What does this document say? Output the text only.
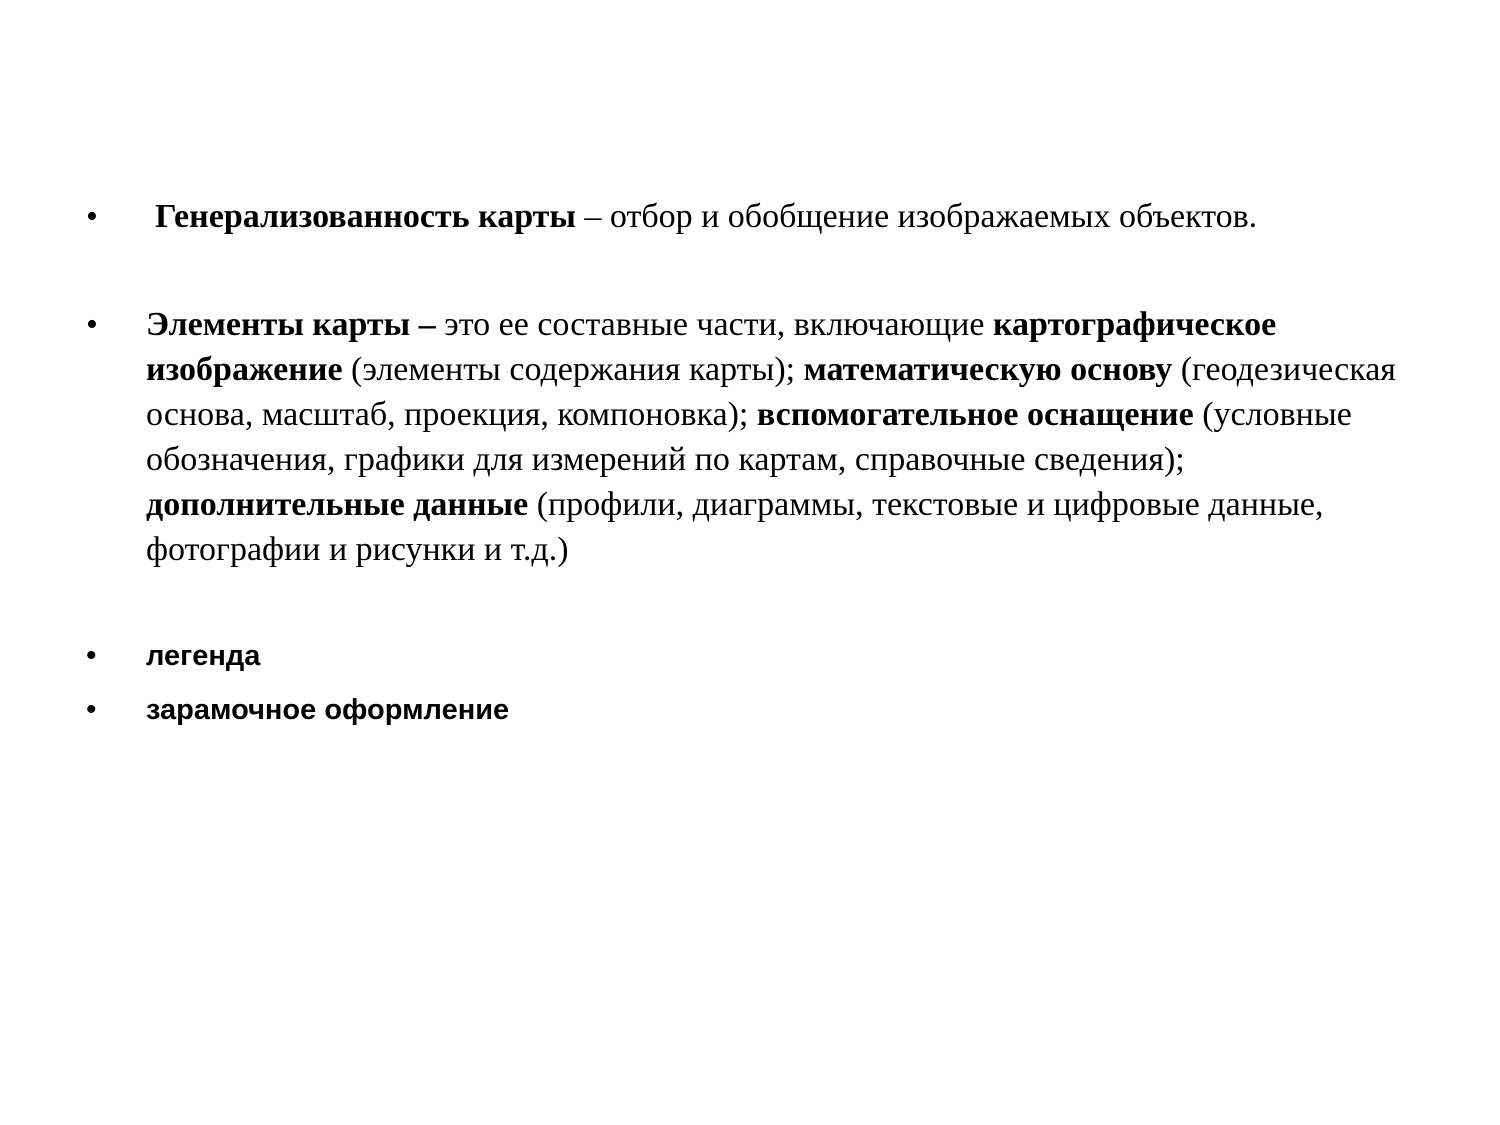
•	Генерализованность карты – отбор и обобщение изображаемых объектов.
•	Элементы карты – это ее составные части, включающие картографическое изображение (элементы содержания карты); математическую основу (геодезическая основа, масштаб, проекция, компоновка); вспомогательное оснащение (условные обозначения, графики для измерений по картам, справочные сведения); дополнительные данные (профили, диаграммы, текстовые и цифровые данные, фотографии и рисунки и т.д.)
•	легенда
•	зарамочное оформление
